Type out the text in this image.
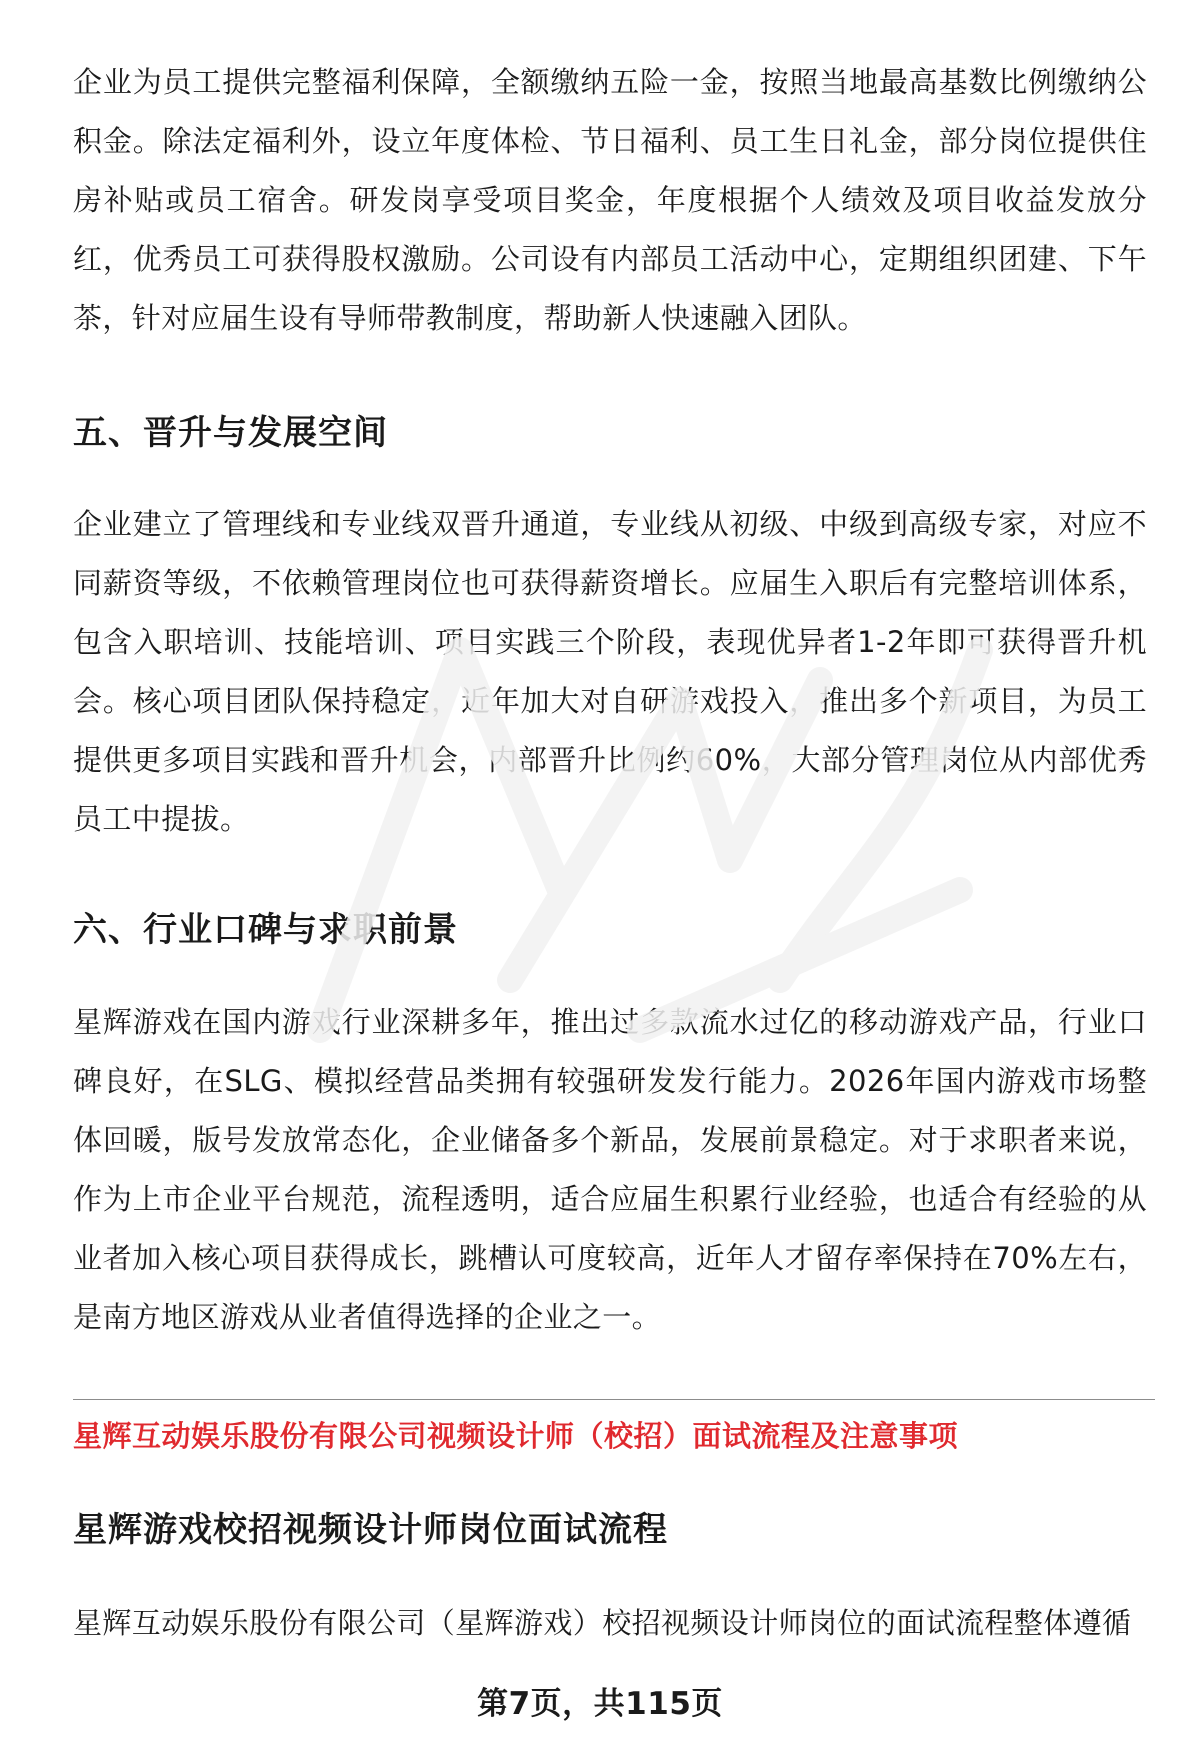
企业为员工提供完整福利保障，全额缴纳五险一金，按照当地最高基数比例缴纳公积金。除法定福利外，设立年度体检、节日福利、员工生日礼金，部分岗位提供住房补贴或员工宿舍。研发岗享受项目奖金，年度根据个人绩效及项目收益发放分红，优秀员工可获得股权激励。公司设有内部员工活动中心，定期组织团建、下午茶，针对应届生设有导师带教制度，帮助新人快速融入团队。

五、晋升与发展空间

企业建立了管理线和专业线双晋升通道，专业线从初级、中级到高级专家，对应不同薪资等级，不依赖管理岗位也可获得薪资增长。应届生入职后有完整培训体系，包含入职培训、技能培训、项目实践三个阶段，表现优异者1-2年即可获得晋升机会。核心项目团队保持稳定，近年加大对自研游戏投入，推出多个新项目，为员工提供更多项目实践和晋升机会，内部晋升比例约60%，大部分管理岗位从内部优秀员工中提拔。

六、行业口碑与求职前景

星辉游戏在国内游戏行业深耕多年，推出过多款流水过亿的移动游戏产品，行业口碑良好，在SLG、模拟经营品类拥有较强研发发行能力。2026年国内游戏市场整体回暖，版号发放常态化，企业储备多个新品，发展前景稳定。对于求职者来说，作为上市企业平台规范，流程透明，适合应届生积累行业经验，也适合有经验的从业者加入核心项目获得成长，跳槽认可度较高，近年人才留存率保持在70%左右，是南方地区游戏从业者值得选择的企业之一。

星辉互动娱乐股份有限公司视频设计师（校招）面试流程及注意事项

星辉游戏校招视频设计师岗位面试流程

星辉互动娱乐股份有限公司（星辉游戏）校招视频设计师岗位的面试流程整体遵循

第7页，共115页
